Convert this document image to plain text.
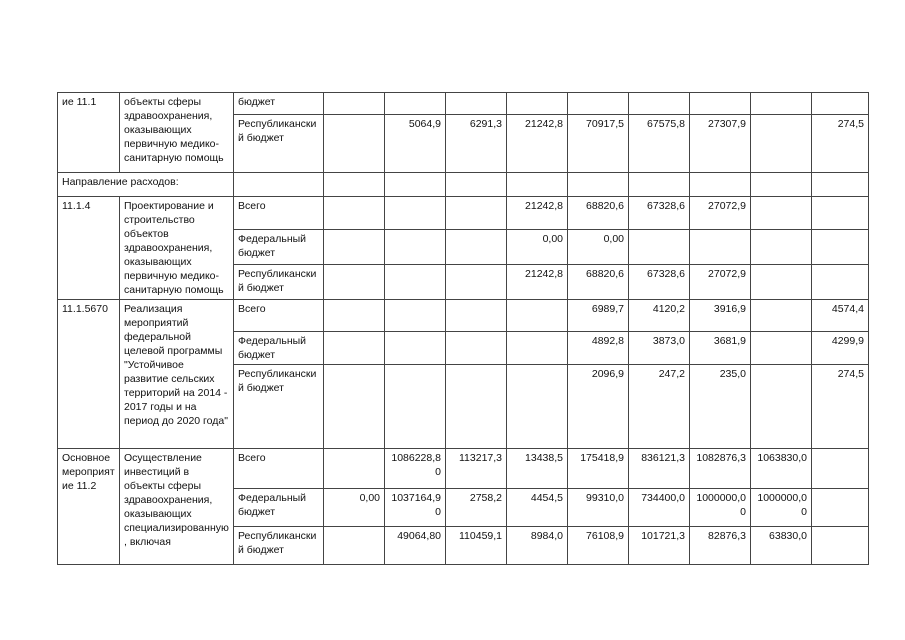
ие 11.1	объекты сферы здравоохранения, оказывающих первичную медико-санитарную помощь	бюджет									
		Республиканский бюджет		5064,9	6291,3	21242,8	70917,5	67575,8	27307,9		274,5
Направление расходов:											
11.1.4	Проектирование и строительство объектов здравоохранения, оказывающих первичную медико-санитарную помощь	Всего				21242,8	68820,6	67328,6	27072,9		
		Федеральный бюджет				0,00	0,00				
		Республиканский бюджет				21242,8	68820,6	67328,6	27072,9		
11.1.5670	Реализация мероприятий федеральной целевой программы "Устойчивое развитие сельских территорий на 2014 - 2017 годы и на период до 2020 года"	Всего					6989,7	4120,2	3916,9		4574,4
		Федеральный бюджет					4892,8	3873,0	3681,9		4299,9
		Республиканский бюджет					2096,9	247,2	235,0		274,5
Основное мероприятие 11.2	Осуществление инвестиций в объекты сферы здравоохранения, оказывающих специализированную, включая	Всего		1086228,80	113217,3	13438,5	175418,9	836121,3	1082876,3	1063830,0	
		Федеральный бюджет	0,00	1037164,90	2758,2	4454,5	99310,0	734400,0	1000000,00	1000000,00	
		Республиканский бюджет		49064,80	110459,1	8984,0	76108,9	101721,3	82876,3	63830,0	
